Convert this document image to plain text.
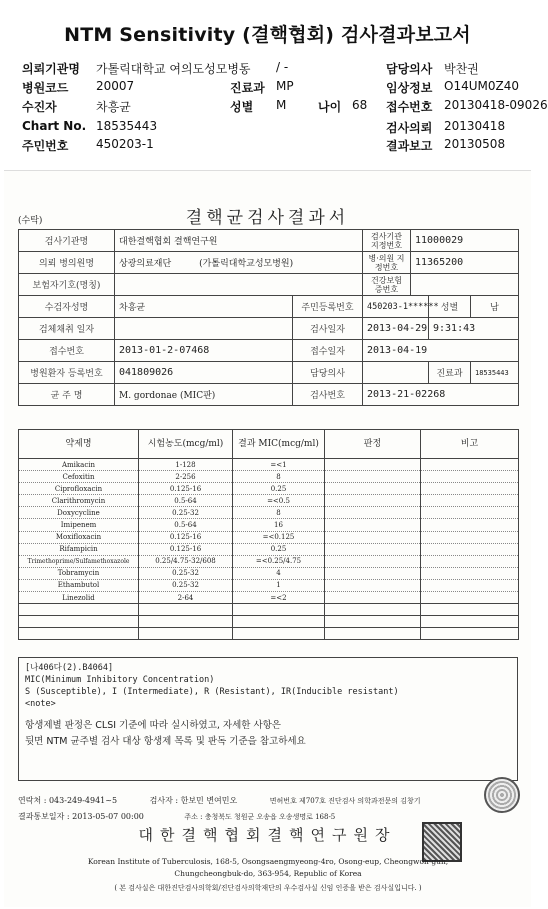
NTM Sensitivity (결핵협회) 검사결과보고서
의뢰기관명 가톨릭대학교 여의도성모병동 / -	담당의사 박찬권
병원코드 20007	진료과 MP	임상정보 O14UM0Z40
수진자	차흥균	성별 M	나이 68 접수번호 20130418-09026
Chart No. 18535443	검사의뢰 20130418
주민번호 450203-1	결과보고 20130508
(수탁)	결핵균검사결과서
검사기관명	대한결핵협회 결핵연구원		검사기관 지정번호	11000029		
의뢰 병의원명	상광의료재단 (가톨릭대학교성모병원)		병·의원 지정번호	11365200		
보험자기호(명칭)			건강보험 증번호			
수검자성명	차흥균	주민등록번호	450203-1******		성별	남
검체채취 일자		검사일자	2013-04-29		9:31:43	
접수번호	2013-01-2-07468	접수일자	2013-04-19			
병원환자 등록번호	041809026	담당의사			진료과	18535443
균 주 명	M. gordonae (MIC판)	검사번호	2013-21-02268			
약제명	시험농도(mcg/ml)	결과 MIC(mcg/ml)	판정	비고
Amikacin	1-128	=<1		
Cefoxitin	2-256	8		
Ciprofloxacin	0.125-16	0.25		
Clarithromycin	0.5-64	=<0.5		
Doxycycline	0.25-32	8		
Imipenem	0.5-64	16		
Moxifloxacin	0.125-16	=<0.125		
Rifampicin	0.125-16	0.25		
Trimethoprime/Sulfamethoxazole	0.25/4.75-32/608	=<0.25/4.75		
Tobramycin	0.25-32	4		
Ethambutol	0.25-32	1		
Linezolid	2-64	=<2		

[나406다(2).B4064]
MIC(Minimum Inhibitory Concentration)
S (Susceptible), I (Intermediate), R (Resistant), IR(Inducible resistant)
<note>
항생제별 판정은 CLSI 기준에 따라 실시하였고, 자세한 사항은
뒷면 NTM 균주별 검사 대상 항생제 목록 및 판독 기준을 참고하세요
연락처 : 043-249-4941~5	검사자 : 한보민 변여민오	면허번호 제707호 진단검사 의학과전문의 김창기
결과통보일자 : 2013-05-07 00:00	주소 : 충청북도 청원군 오송읍 오송생명로 168-5
대한결핵협회결핵연구원장
Korean Institute of Tuberculosis, 168-5, Osongsaengmyeong-4ro, Osong-eup, Cheongwon-gun,
Chungcheongbuk-do, 363-954, Republic of Korea
( 본 검사실은 대한진단검사의학회/진단검사의학재단의 우수검사실 신임 인증을 받은 검사실입니다. )
